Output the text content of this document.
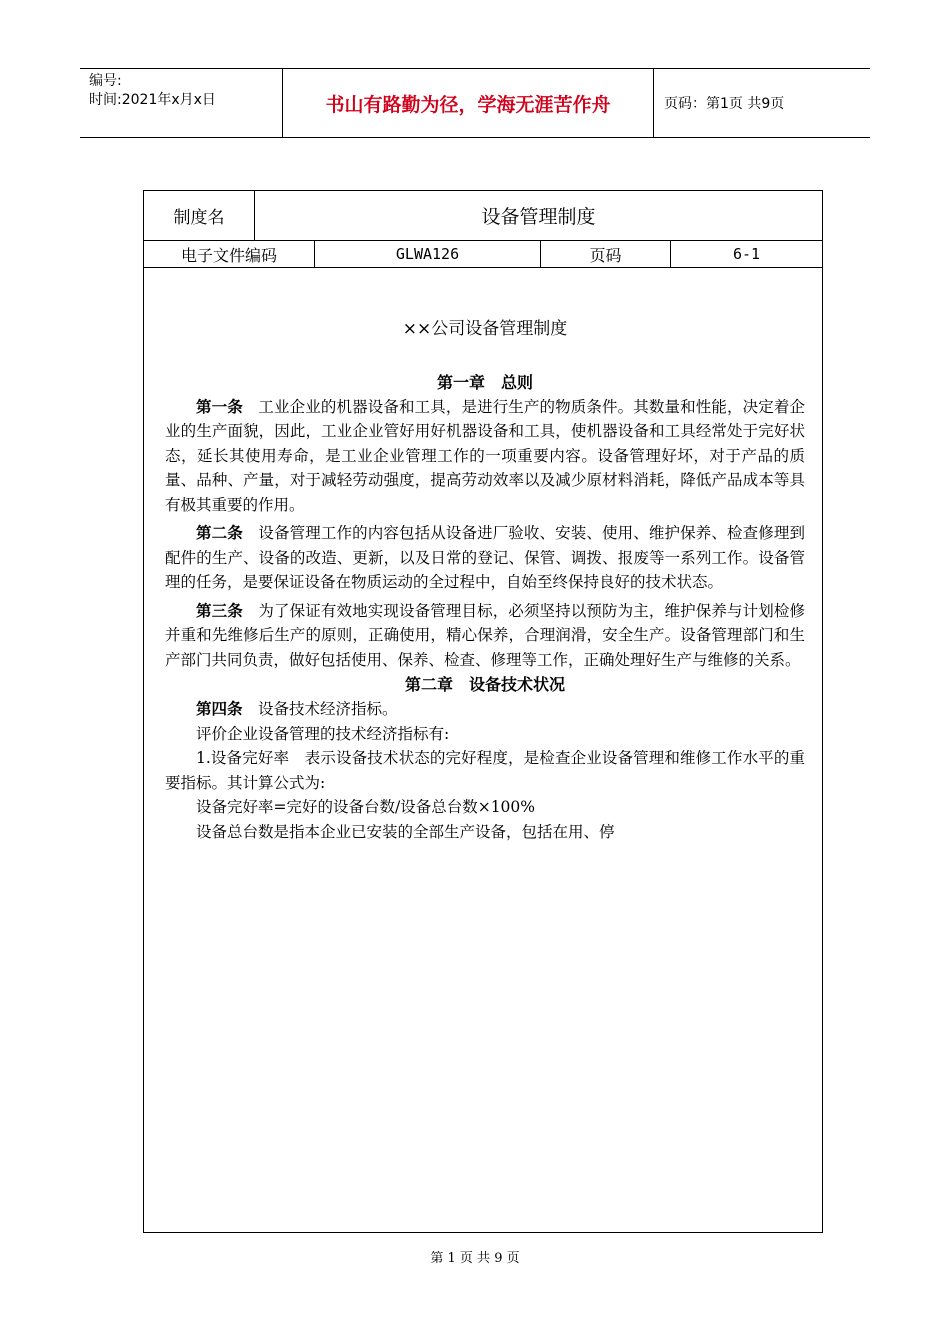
编号:
时间:2021年x月x日	书山有路勤为径，学海无涯苦作舟	页码：第1页 共9页
制度名	设备管理制度
电子文件编码	GLWA126	页码	6-1

××公司设备管理制度

第一章　总则

第一条 工业企业的机器设备和工具，是进行生产的物质条件。其数量和性能，决定着企业的生产面貌，因此，工业企业管好用好机器设备和工具，使机器设备和工具经常处于完好状态，延长其使用寿命，是工业企业管理工作的一项重要内容。设备管理好坏，对于产品的质量、品种、产量，对于减轻劳动强度，提高劳动效率以及减少原材料消耗，降低产品成本等具有极其重要的作用。

第二条 设备管理工作的内容包括从设备进厂验收、安装、使用、维护保养、检查修理到配件的生产、设备的改造、更新，以及日常的登记、保管、调拨、报废等一系列工作。设备管理的任务，是要保证设备在物质运动的全过程中，自始至终保持良好的技术状态。

第三条 为了保证有效地实现设备管理目标，必须坚持以预防为主，维护保养与计划检修并重和先维修后生产的原则，正确使用，精心保养，合理润滑，安全生产。设备管理部门和生产部门共同负责，做好包括使用、保养、检查、修理等工作，正确处理好生产与维修的关系。

第二章　设备技术状况

第四条 设备技术经济指标。

评价企业设备管理的技术经济指标有:

1.设备完好率　表示设备技术状态的完好程度，是检查企业设备管理和维修工作水平的重要指标。其计算公式为:

设备完好率=完好的设备台数/设备总台数×100%

设备总台数是指本企业已安装的全部生产设备，包括在用、停

第 1 页 共 9 页
